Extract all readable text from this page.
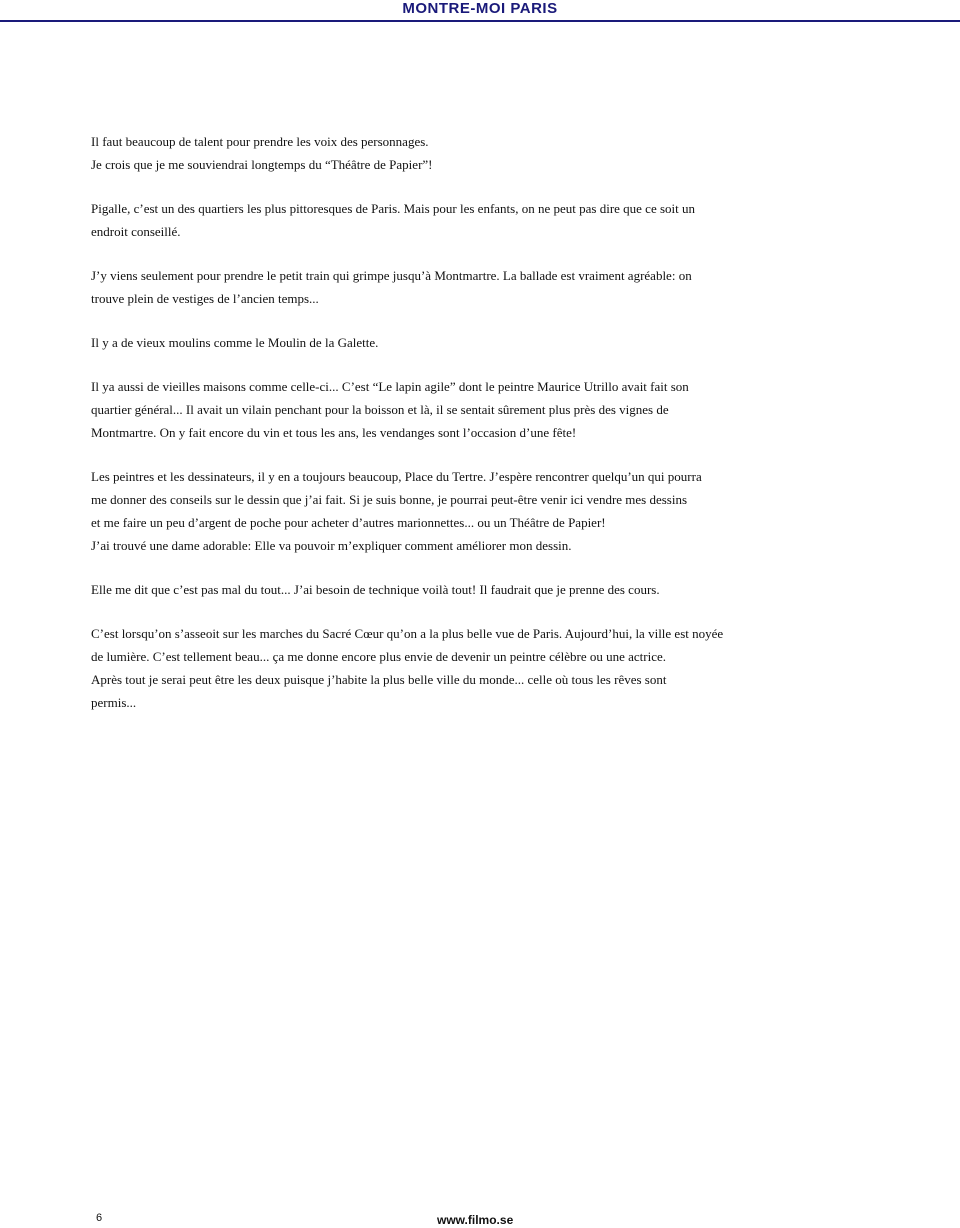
MONTRE-MOI PARIS

Il faut beaucoup de talent pour prendre les voix des personnages.
Je crois que je me souviendrai longtemps du “Théâtre de Papier”!

Pigalle, c’est un des quartiers les plus pittoresques de Paris. Mais pour les enfants, on ne peut pas dire que ce soit un
endroit conseillé.

J’y viens seulement pour prendre le petit train qui grimpe jusqu’à Montmartre. La ballade est vraiment agréable: on
trouve plein de vestiges de l’ancien temps...

Il y a de vieux moulins comme le Moulin de la Galette.

Il ya aussi de vieilles maisons comme celle-ci... C’est “Le lapin agile” dont le peintre Maurice Utrillo avait fait son
quartier général... Il avait un vilain penchant pour la boisson et là, il se sentait sûrement plus près des vignes de
Montmartre. On y fait encore du vin et tous les ans, les vendanges sont l’occasion d’une fête!

Les peintres et les dessinateurs, il y en a toujours beaucoup, Place du Tertre. J’espère rencontrer quelqu’un qui pourra
me donner des conseils sur le dessin que j’ai fait. Si je suis bonne, je pourrai peut-être venir ici vendre mes dessins
et me faire un peu d’argent de poche pour acheter d’autres marionnettes... ou un Théâtre de Papier!
J’ai trouvé une dame adorable: Elle va pouvoir m’expliquer comment améliorer mon dessin.

Elle me dit que c’est pas mal du tout... J’ai besoin de technique voilà tout! Il faudrait que je prenne des cours.

C’est lorsqu’on s’asseoit sur les marches du Sacré Cœur qu’on a la plus belle vue de Paris. Aujourd’hui, la ville est noyée
de lumière. C’est tellement beau... ça me donne encore plus envie de devenir un peintre célèbre ou une actrice.
Après tout je serai peut être les deux puisque j’habite la plus belle ville du monde... celle où tous les rêves sont
permis...

6	www.filmo.se
